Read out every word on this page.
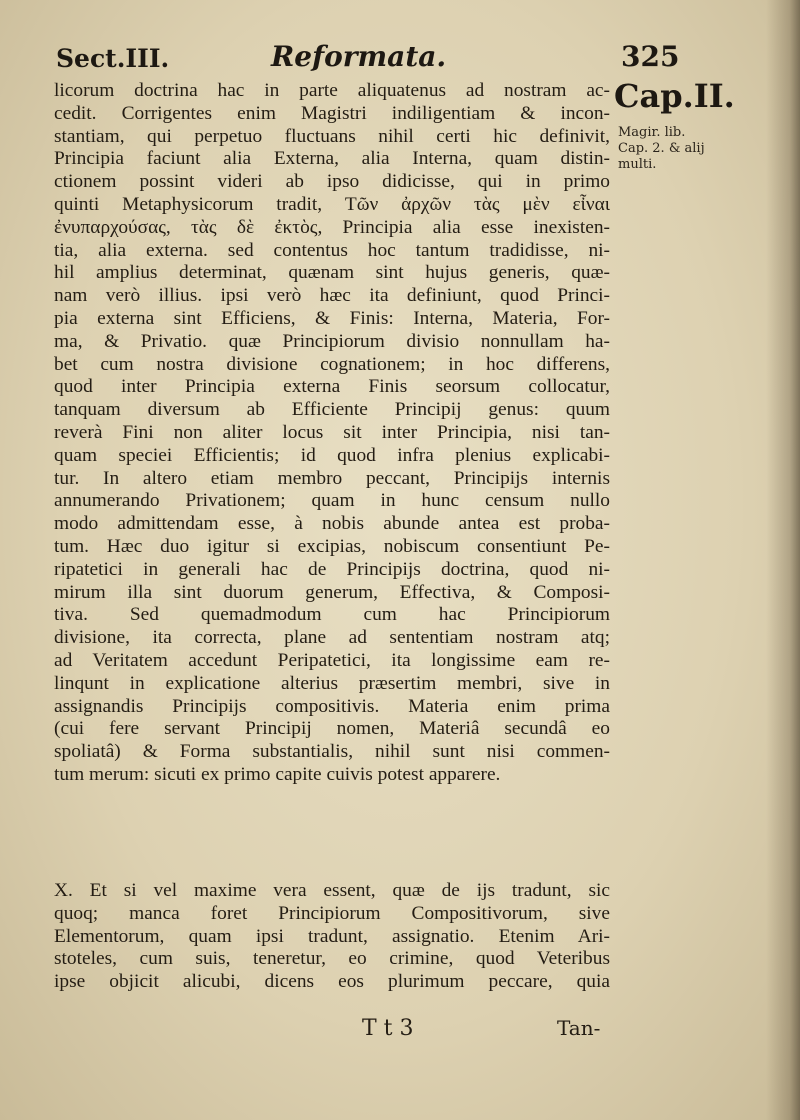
Sect.III.	Reformata.	325
Cap.II.
Magir. lib.
Cap. 2. & alij
multi.
licorum doctrina hac in parte aliquatenus ad nostram ac-
cedit. Corrigentes enim Magistri indiligentiam & incon-
stantiam, qui perpetuo fluctuans nihil certi hic definivit,
Principia faciunt alia Externa, alia Interna, quam distin-
ctionem possint videri ab ipso didicisse, qui in primo
quinti Metaphysicorum tradit, Τῶν ἀρχῶν τὰς μὲν εἶναι
ἐνυπαρχούσας, τὰς δὲ ἐκτὸς, Principia alia esse inexisten-
tia, alia externa. sed contentus hoc tantum tradidisse, ni-
hil amplius determinat, quænam sint hujus generis, quæ-
nam verò illius. ipsi verò hæc ita definiunt, quod Princi-
pia externa sint Efficiens, & Finis: Interna, Materia, For-
ma, & Privatio. quæ Principiorum divisio nonnullam ha-
bet cum nostra divisione cognationem; in hoc differens,
quod inter Principia externa Finis seorsum collocatur,
tanquam diversum ab Efficiente Principij genus: quum
reverà Fini non aliter locus sit inter Principia, nisi tan-
quam speciei Efficientis; id quod infra plenius explicabi-
tur. In altero etiam membro peccant, Principijs internis
annumerando Privationem; quam in hunc censum nullo
modo admittendam esse, à nobis abunde antea est proba-
tum. Hæc duo igitur si excipias, nobiscum consentiunt Pe-
ripatetici in generali hac de Principijs doctrina, quod ni-
mirum illa sint duorum generum, Effectiva, & Composi-
tiva. Sed quemadmodum cum hac Principiorum
divisione, ita correcta, plane ad sententiam nostram atq;
ad Veritatem accedunt Peripatetici, ita longissime eam re-
linqunt in explicatione alterius præsertim membri, sive in
assignandis Principijs compositivis. Materia enim prima
(cui fere servant Principij nomen, Materiâ secundâ eo
spoliatâ) & Forma substantialis, nihil sunt nisi commen-
tum merum: sicuti ex primo capite cuivis potest apparere.
X. Et si vel maxime vera essent, quæ de ijs tradunt, sic
quoq; manca foret Principiorum Compositivorum, sive
Elementorum, quam ipsi tradunt, assignatio. Etenim Ari-
stoteles, cum suis, teneretur, eo crimine, quod Veteribus
ipse objicit alicubi, dicens eos plurimum peccare, quia
T t 3	Tan-
